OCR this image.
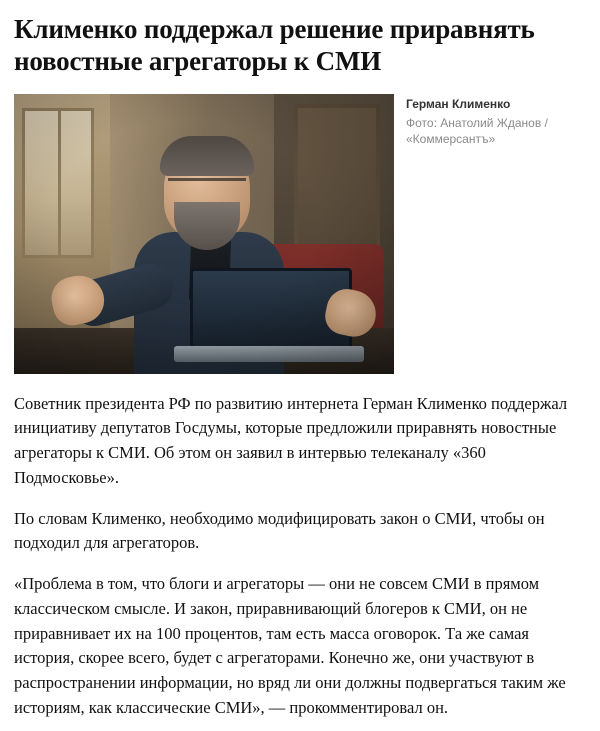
Клименко поддержал решение приравнять новостные агрегаторы к СМИ
Герман Клименко
Фото: Анатолий Жданов / «Коммерсантъ»

Советник президента РФ по развитию интернета Герман Клименко поддержал инициативу депутатов Госдумы, которые предложили приравнять новостные агрегаторы к СМИ. Об этом он заявил в интервью телеканалу «360 Подмосковье».

По словам Клименко, необходимо модифицировать закон о СМИ, чтобы он подходил для агрегаторов.

«Проблема в том, что блоги и агрегаторы — они не совсем СМИ в прямом классическом смысле. И закон, приравнивающий блогеров к СМИ, он не приравнивает их на 100 процентов, там есть масса оговорок. Та же самая история, скорее всего, будет с агрегаторами. Конечно же, они участвуют в распространении информации, но вряд ли они должны подвергаться таким же историям, как классические СМИ», — прокомментировал он.
